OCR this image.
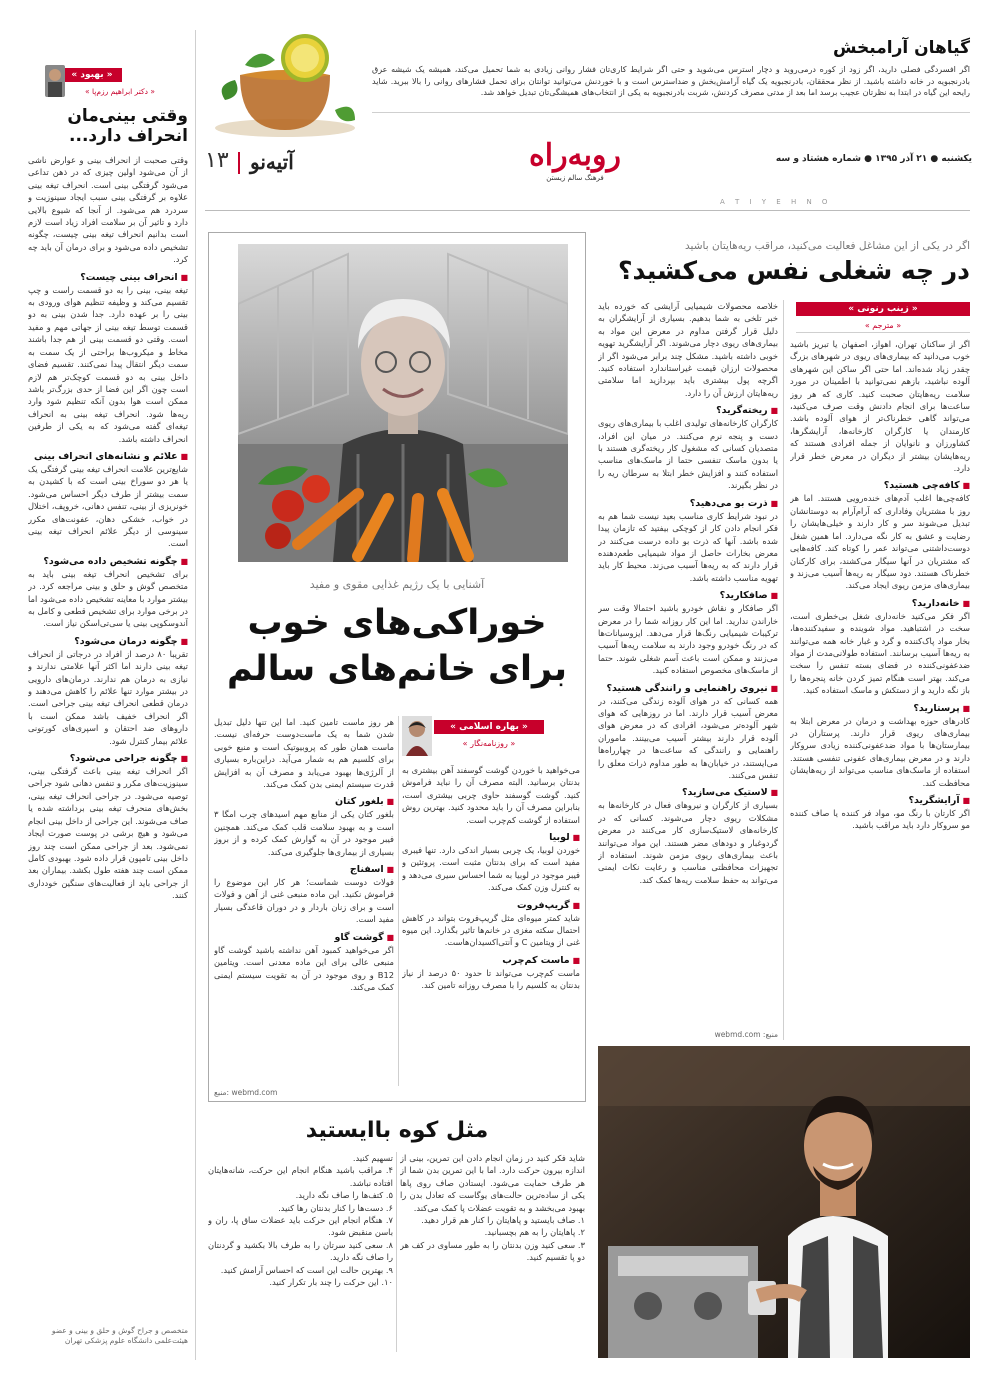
گیاهان آرامبخش
اگر افسردگی فصلی دارید، اگر زود از کوره درمی‌روید و دچار استرس می‌شوید و حتی اگر شرایط کاری‌تان فشار روانی زیادی به شما تحمیل می‌کند، همیشه یک شیشه عرق بادرنجبویه در خانه داشته باشید. از نظر محققان، بادرنجبویه یک گیاه آرامش‌بخش و ضداسترس است و با خوردنش می‌توانید توانتان برای تحمل فشارهای روانی را بالا ببرید. شاید رایحه این گیاه در ابتدا به نظرتان عجیب برسد اما بعد از مدتی مصرف کردنش، شربت بادرنجبویه به یکی از انتخاب‌های همیشگی‌تان تبدیل خواهد شد.
یکشنبه ● ۲۱ آذر ۱۳۹۵ ● شماره هشتاد و سه
روبه‌راه
فرهنگ سالم زیستن
آتیه‌نو
۱۳
A T I Y E H N O
« بهبود »
« دکتر ابراهیم رزم‌پا »
وقتی بینی‌مان انحراف دارد...
وقتی صحبت از انحراف بینی و عوارض ناشی از آن می‌شود اولین چیزی که در ذهن تداعی می‌شود گرفتگی بینی است. انحراف تیغه بینی علاوه بر گرفتگی بینی سبب ایجاد سینوزیت و سردرد هم می‌شود. از آنجا که شیوع بالایی دارد و تاثیر آن بر سلامت افراد زیاد است لازم است بدانیم انحراف تیغه بینی چیست، چگونه تشخیص داده می‌شود و برای درمان آن باید چه کرد.
■ انحراف بینی چیست؟
تیغه بینی، بینی را به دو قسمت راست و چپ تقسیم می‌کند و وظیفه تنظیم هوای ورودی به بینی را بر عهده دارد. جدا شدن بینی به دو قسمت توسط تیغه بینی از جهاتی مهم و مفید است. وقتی دو قسمت بینی از هم جدا باشند مخاط و میکروب‌ها براحتی از یک سمت به سمت دیگر انتقال پیدا نمی‌کنند. تقسیم فضای داخل بینی به دو قسمت کوچک‌تر هم لازم است چون اگر این فضا از حدی بزرگ‌تر باشد ممکن است هوا بدون آنکه تنظیم شود وارد ریه‌ها شود. انحراف تیغه بینی به انحراف تیغه‌ای گفته می‌شود که به یکی از طرفین انحراف داشته باشد.
■ علائم و نشانه‌های انحراف بینی
شایع‌ترین علامت انحراف تیغه بینی گرفتگی یک یا هر دو سوراخ بینی است که با کشیدن به سمت بیشتر از طرف دیگر احساس می‌شود. خونریزی از بینی، تنفس دهانی، خروپف، اختلال در خواب، خشکی دهان، عفونت‌های مکرر سینوسی از دیگر علائم انحراف تیغه بینی است.
■ چگونه تشخیص داده می‌شود؟
برای تشخیص انحراف تیغه بینی باید به متخصص گوش و حلق و بینی مراجعه کرد. در بیشتر موارد با معاینه تشخیص داده می‌شود اما در برخی موارد برای تشخیص قطعی و کامل به آندوسکوپی بینی یا سی‌تی‌اسکن نیاز است.
■ چگونه درمان می‌شود؟
تقریبا ۸۰ درصد از افراد در درجاتی از انحراف تیغه بینی دارند اما اکثر آنها علامتی ندارند و نیازی به درمان هم ندارند. درمان‌های دارویی در بیشتر موارد تنها علائم را کاهش می‌دهند و درمان قطعی انحراف تیغه بینی جراحی است. اگر انحراف خفیف باشد ممکن است با داروهای ضد احتقان و اسپری‌های کورتونی علائم بیمار کنترل شود.
■ چگونه جراحی می‌شود؟
اگر انحراف تیغه بینی باعث گرفتگی بینی، سینوزیت‌های مکرر و تنفس دهانی شود جراحی توصیه می‌شود. در جراحی انحراف تیغه بینی، بخش‌های منحرف تیغه بینی برداشته شده یا صاف می‌شوند. این جراحی از داخل بینی انجام می‌شود و هیچ برشی در پوست صورت ایجاد نمی‌شود. بعد از جراحی ممکن است چند روز داخل بینی تامپون قرار داده شود. بهبودی کامل ممکن است چند هفته طول بکشد. بیماران بعد از جراحی باید از فعالیت‌های سنگین خودداری کنند.
متخصص و جراح گوش و حلق و بینی و عضو هیئت‌علمی دانشگاه علوم پزشکی تهران
اگر در یکی از این مشاغل فعالیت می‌کنید، مراقب ریه‌هایتان باشید
در چه شغلی نفس می‌کشید؟
« زینب رنونی »
« مترجم »
اگر از ساکنان تهران، اهواز، اصفهان یا تبریز باشید خوب می‌دانید که بیماری‌های ریوی در شهرهای بزرگ چقدر زیاد شده‌اند. اما حتی اگر ساکن این شهرهای آلوده نباشید، بازهم نمی‌توانید با اطمینان در مورد سلامت ریه‌هایتان صحبت کنید. کاری که هر روز ساعت‌ها برای انجام دادنش وقت صرف می‌کنید، می‌تواند گاهی خطرناک‌تر از هوای آلوده باشد. کارمندان یا کارگران کارخانه‌ها، آرایشگرها، کشاورزان و نانوایان از جمله افرادی هستند که ریه‌هایشان بیشتر از دیگران در معرض خطر قرار دارد.
■ کافه‌چی هستید؟
کافه‌چی‌ها اغلب آدم‌های خنده‌رویی هستند. اما هر روز با مشتریان وفاداری که آرام‌آرام به دوستانشان تبدیل می‌شوند سر و کار دارند و خیلی‌هایشان را رضایت و عشق به کار نگه می‌دارد. اما همین شغل دوست‌داشتنی می‌تواند عمر را کوتاه کند. کافه‌هایی که مشتریان در آنها سیگار می‌کشند، برای کارکنان خطرناک هستند. دود سیگار به ریه‌ها آسیب می‌زند و بیماری‌های مزمن ریوی ایجاد می‌کند.
■ خانه‌دارید؟
اگر فکر می‌کنید خانه‌داری شغل بی‌خطری است، سخت در اشتباهید. مواد شوینده و سفیدکننده‌ها، بخار مواد پاک‌کننده و گرد و غبار خانه همه می‌توانند به ریه‌ها آسیب برسانند. استفاده طولانی‌مدت از مواد ضدعفونی‌کننده در فضای بسته تنفس را سخت می‌کند. بهتر است هنگام تمیز کردن خانه پنجره‌ها را باز نگه دارید و از دستکش و ماسک استفاده کنید.
■ پرستارید؟
کادرهای حوزه بهداشت و درمان در معرض ابتلا به بیماری‌های ریوی قرار دارند. پرستاران در بیمارستان‌ها با مواد ضدعفونی‌کننده زیادی سروکار دارند و در معرض بیماری‌های عفونی تنفسی هستند. استفاده از ماسک‌های مناسب می‌تواند از ریه‌هایشان محافظت کند.
■ آرایشگرید؟
اگر کارتان با رنگ مو، مواد فر کننده یا صاف کننده مو سروکار دارد باید مراقب باشید.
خلاصه محصولات شیمیایی آرایشی که خورده باید خبر تلخی به شما بدهیم. بسیاری از آرایشگران به دلیل قرار گرفتن مداوم در معرض این مواد به بیماری‌های ریوی دچار می‌شوند. اگر آرایشگرید تهویه خوبی داشته باشید. مشکل چند برابر می‌شود اگر از محصولات ارزان قیمت غیراستاندارد استفاده کنید. اگرچه پول بیشتری باید بپردازید اما سلامتی ریه‌هایتان ارزش آن را دارد.
■ ریخته‌گرید؟
کارگران کارخانه‌های تولیدی اغلب با بیماری‌های ریوی دست و پنجه نرم می‌کنند. در میان این افراد، متصدیان کسانی که مشغول کار ریخته‌گری هستند با یا بدون ماسک تنفسی حتما از ماسک‌های مناسب استفاده کنند و افزایش خطر ابتلا به سرطان ریه را در نظر بگیرند.
■ ذرت بو می‌دهید؟
در نبود شرایط کاری مناسب بعید نیست شما هم به فکر انجام دادن کار از کوچکی بیفتید که تاز‌مان پیدا شده باشد. آنها که ذرت بو داده درست می‌کنند در معرض بخارات حاصل از مواد شیمیایی طعم‌دهنده قرار دارند که به ریه‌ها آسیب می‌زند. محیط کار باید تهویه مناسب داشته باشد.
■ صافکارید؟
اگر صافکار و نقاش خودرو باشید احتمالا وقت سر خاراندن ندارید. اما این کار روزانه شما را در معرض ترکیبات شیمیایی رنگ‌ها قرار می‌دهد. ایزوسیانات‌ها که در رنگ خودرو وجود دارند به سلامت ریه‌ها آسیب می‌زنند و ممکن است باعث آسم شغلی شوند. حتما از ماسک‌های مخصوص استفاده کنید.
■ نیروی راهنمایی و رانندگی هستید؟
همه کسانی که در هوای آلوده زندگی می‌کنند، در معرض آسیب قرار دارند. اما در روزهایی که هوای شهر آلوده‌تر می‌شود، افرادی که در معرض هوای آلوده قرار دارند بیشتر آسیب می‌بینند. ماموران راهنمایی و رانندگی که ساعت‌ها در چهارراه‌ها می‌ایستند، در خیابان‌ها به طور مداوم ذرات معلق را تنفس می‌کنند.
■ لاستیک می‌سازید؟
بسیاری از کارگران و نیروهای فعال در کارخانه‌ها به مشکلات ریوی دچار می‌شوند. کسانی که در کارخانه‌های لاستیک‌سازی کار می‌کنند در معرض گردوغبار و دودهای مضر هستند. این مواد می‌توانند باعث بیماری‌های ریوی مزمن شوند. استفاده از تجهیزات محافظتی مناسب و رعایت نکات ایمنی می‌تواند به حفظ سلامت ریه‌ها کمک کند.
منبع: webmd.com
آشنایی با یک رژیم غذایی مقوی و مفید
خوراکی‌های خوب برای خانم‌های سالم
« بهاره اسلامی »
« روزنامه‌نگار »
هر روز ماست تامین کنید. اما این تنها دلیل تبدیل شدن شما به یک ماست‌دوست حرفه‌ای نیست. ماست همان طور که پروبیوتیک است و منبع خوبی برای کلسیم هم به شمار می‌آید. دراین‌باره بسیاری از آلرژی‌ها بهبود می‌یابد و مصرف آن به افزایش قدرت سیستم ایمنی بدن کمک می‌کند.
■ بلغور کتان
بلغور کتان یکی از منابع مهم اسیدهای چرب امگا ۳ است و به بهبود سلامت قلب کمک می‌کند. همچنین فیبر موجود در آن به گوارش کمک کرده و از بروز بسیاری از بیماری‌ها جلوگیری می‌کند.
■ اسفناج
فولات دوست شماست؛ هر کار این موضوع را فراموش نکنید. این ماده منبعی غنی از آهن و فولات است و برای زنان باردار و در دوران قاعدگی بسیار مفید است.
■ گوشت گاو
اگر می‌خواهید کمبود آهن نداشته باشید گوشت گاو منبعی عالی برای این ماده معدنی است. ویتامین B12 و روی موجود در آن به تقویت سیستم ایمنی کمک می‌کند.
می‌خواهید با خوردن گوشت گوسفند آهن بیشتری به بدنتان برسانید. البته مصرف آن را نباید فراموش کنید. گوشت گوسفند حاوی چربی بیشتری است، بنابراین مصرف آن را باید محدود کنید. بهترین روش استفاده از گوشت کم‌چرب است.
■ لوبیا
خوردن لوبیا، یک چربی بسیار اندکی دارد. تنها فیبری مفید است که برای بدنتان مثبت است. پروتئین و فیبر موجود در لوبیا به شما احساس سیری می‌دهد و به کنترل وزن کمک می‌کند.
■ گریپ‌فروت
شاید کمتر میوه‌ای مثل گریپ‌فروت بتواند در کاهش احتمال سکته مغزی در خانم‌ها تاثیر بگذارد. این میوه غنی از ویتامین C و آنتی‌اکسیدان‌هاست.
■ ماست کم‌چرب
ماست کم‌چرب می‌تواند تا حدود ۵۰ درصد از نیاز بدنتان به کلسیم را با مصرف روزانه تامین کند.
منبع: webmd.com
مثل کوه باایستید
شاید فکر کنید در زمان انجام دادن این تمرین، بینی از اندازه بیرون حرکت دارد. اما با این تمرین بدن شما از هر طرف حمایت می‌شود. ایستادن صاف روی پاها یکی از ساده‌ترین حالت‌های یوگاست که تعادل بدن را بهبود می‌بخشد و به تقویت عضلات پا کمک می‌کند.
۱. صاف بایستید و پاهایتان را کنار هم قرار دهید.
۲. پاهایتان را به هم بچسبانید.
۳. سعی کنید وزن بدنتان را به طور مساوی در کف هر دو پا تقسیم کنید.
تسهیم کنید.
۴. مراقب باشید هنگام انجام این حرکت، شانه‌هایتان افتاده نباشد.
۵. کتف‌ها را صاف نگه دارید.
۶. دست‌ها را کنار بدنتان رها کنید.
۷. هنگام انجام این حرکت باید عضلات ساق پا، ران و باسن منقبض شود.
۸. سعی کنید سرتان را به طرف بالا بکشید و گردنتان را صاف نگه دارید.
۹. بهترین حالت این است که احساس آرامش کنید.
۱۰. این حرکت را چند بار تکرار کنید.
